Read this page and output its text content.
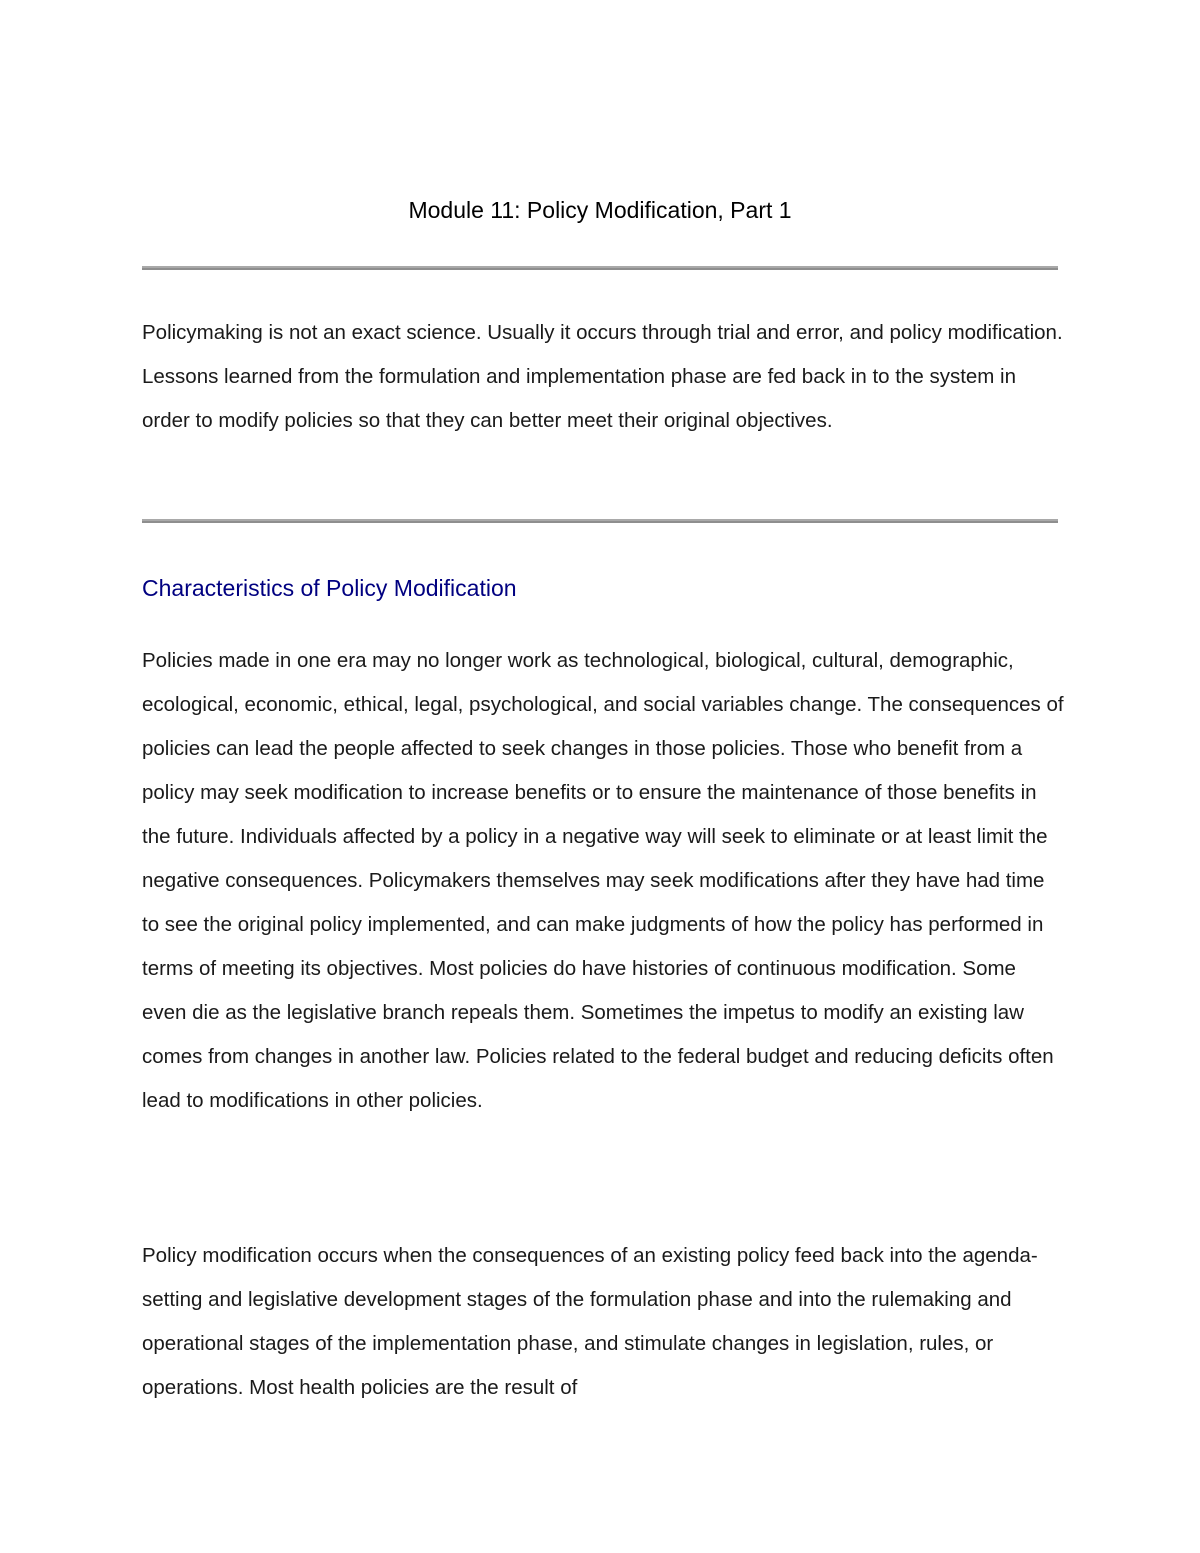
Module 11: Policy Modification, Part 1

Policymaking is not an exact science. Usually it occurs through trial and error, and policy modification. Lessons learned from the formulation and implementation phase are fed back in to the system in order to modify policies so that they can better meet their original objectives.

Characteristics of Policy Modification

Policies made in one era may no longer work as technological, biological, cultural, demographic, ecological, economic, ethical, legal, psychological, and social variables change. The consequences of policies can lead the people affected to seek changes in those policies. Those who benefit from a policy may seek modification to increase benefits or to ensure the maintenance of those benefits in the future. Individuals affected by a policy in a negative way will seek to eliminate or at least limit the negative consequences. Policymakers themselves may seek modifications after they have had time to see the original policy implemented, and can make judgments of how the policy has performed in terms of meeting its objectives. Most policies do have histories of continuous modification. Some even die as the legislative branch repeals them. Sometimes the impetus to modify an existing law comes from changes in another law. Policies related to the federal budget and reducing deficits often lead to modifications in other policies.

Policy modification occurs when the consequences of an existing policy feed back into the agenda-setting and legislative development stages of the formulation phase and into the rulemaking and operational stages of the implementation phase, and stimulate changes in legislation, rules, or operations. Most health policies are the result of
